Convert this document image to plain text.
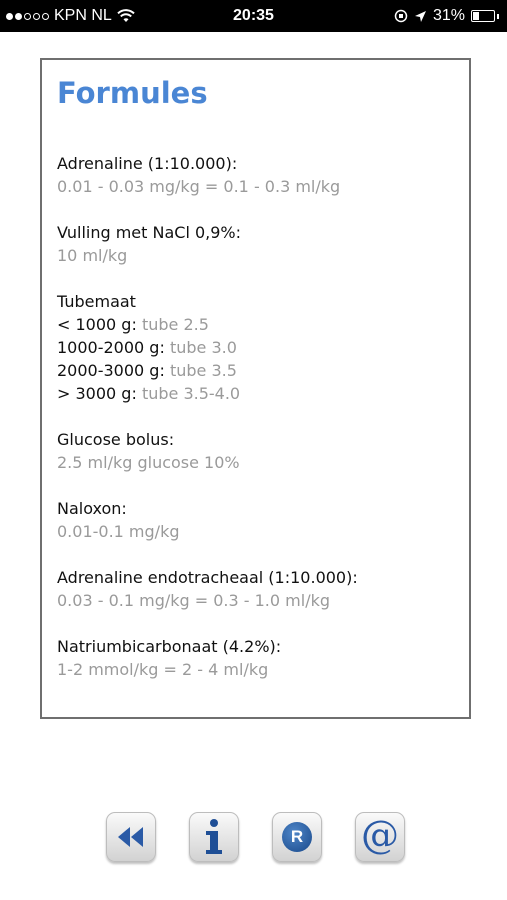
KPN NL	20:35	31%
Formules
Adrenaline (1:10.000):
0.01 - 0.03 mg/kg = 0.1 - 0.3 ml/kg
Vulling met NaCl 0,9%:
10 ml/kg
Tubemaat
< 1000 g: tube 2.5
1000-2000 g: tube 3.0
2000-3000 g: tube 3.5
> 3000 g: tube 3.5-4.0
Glucose bolus:
2.5 ml/kg glucose 10%
Naloxon:
0.01-0.1 mg/kg
Adrenaline endotracheaal (1:10.000):
0.03 - 0.1 mg/kg = 0.3 - 1.0 ml/kg
Natriumbicarbonaat (4.2%):
1-2 mmol/kg = 2 - 4 ml/kg
R @
